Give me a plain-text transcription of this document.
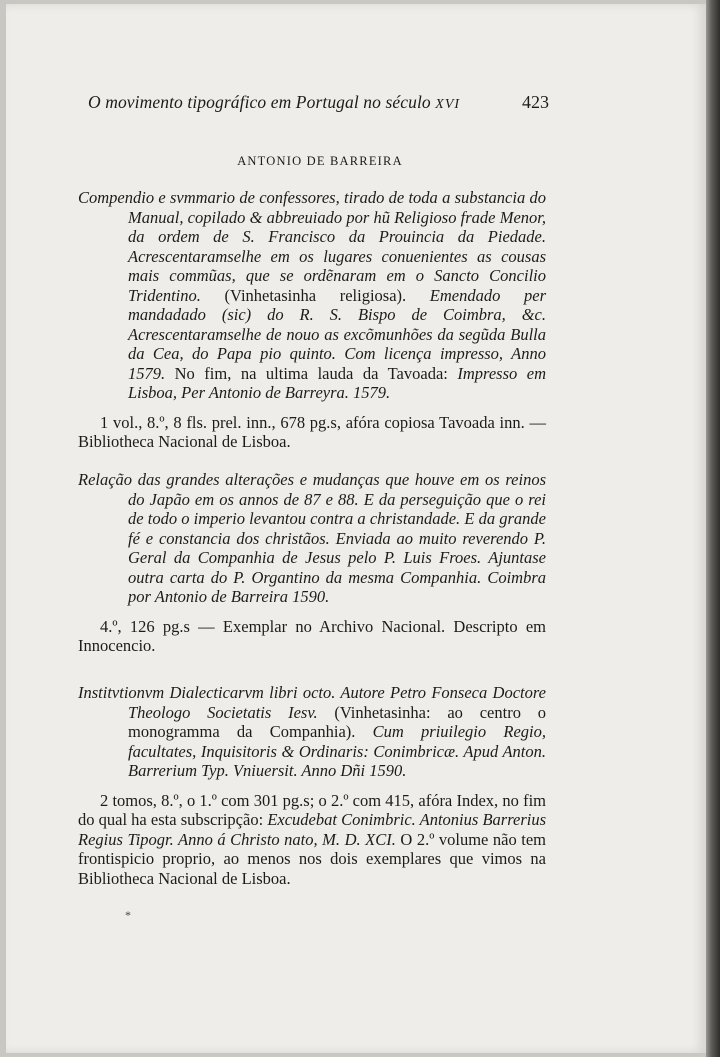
O movimento tipográfico em Portugal no século XVI	423
ANTONIO DE BARREIRA
Compendio e svmmario de confessores, tirado de toda a substancia do Manual, copilado & abbreuiado por hũ Religioso frade Menor, da ordem de S. Francisco da Prouincia da Piedade. Acrescentaramselhe em os lugares conuenientes as cousas mais commũas, que se ordẽnaram em o Sancto Concilio Tridentino. (Vinhetasinha religiosa). Emendado per mandadado (sic) do R. S. Bispo de Coimbra, &c. Acrescentaramselhe de nouo as excõmunhões da segũda Bulla da Cea, do Papa pio quinto. Com licença impresso, Anno 1579. No fim, na ultima lauda da Tavoada: Impresso em Lisboa, Per Antonio de Barreyra. 1579.
1 vol., 8.º, 8 fls. prel. inn., 678 pg.s, afóra copiosa Tavoada inn. — Bibliotheca Nacional de Lisboa.
Relação das grandes alterações e mudanças que houve em os reinos do Japão em os annos de 87 e 88. E da perseguição que o rei de todo o imperio levantou contra a christandade. E da grande fé e constancia dos christãos. Enviada ao muito reverendo P. Geral da Companhia de Jesus pelo P. Luis Froes. Ajuntase outra carta do P. Organtino da mesma Companhia. Coimbra por Antonio de Barreira 1590.
4.º, 126 pg.s — Exemplar no Archivo Nacional. Descripto em Innocencio.
Institvtionvm Dialecticarvm libri octo. Autore Petro Fonseca Doctore Theologo Societatis Iesv. (Vinhetasinha: ao centro o monogramma da Companhia). Cum priuilegio Regio, facultates, Inquisitoris & Ordinaris: Conimbricæ. Apud Anton. Barrerium Typ. Vniuersit. Anno Dñi 1590.
2 tomos, 8.º, o 1.º com 301 pg.s; o 2.º com 415, afóra Index, no fim do qual ha esta subscripção: Excudebat Conimbric. Antonius Barrerius Regius Tipogr. Anno á Christo nato, M. D. XCI. O 2.º volume não tem frontispicio proprio, ao menos nos dois exemplares que vimos na Bibliotheca Nacional de Lisboa.
*
